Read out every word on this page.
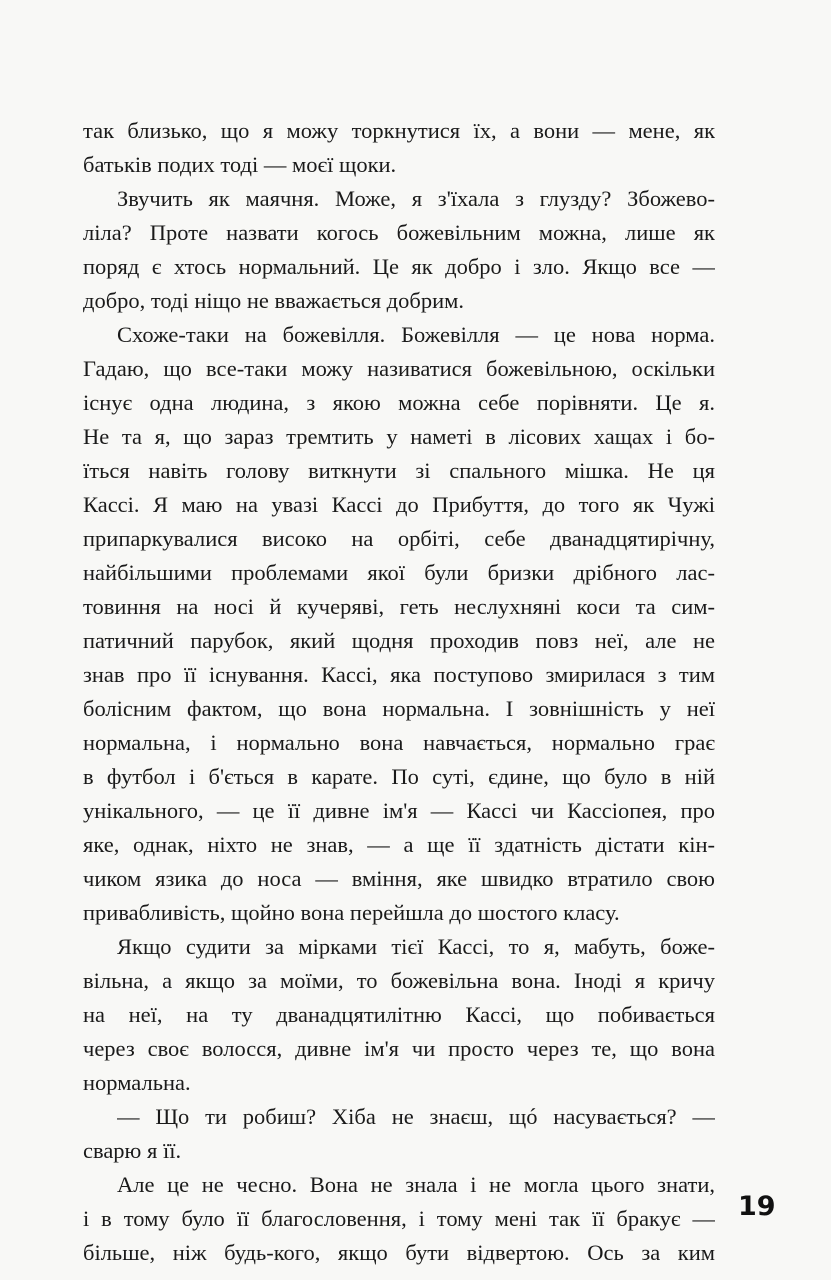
так близько, що я можу торкнутися їх, а вони — мене, як
батьків подих тоді — моєї щоки.
Звучить як маячня. Може, я з'їхала з глузду? Збожево-
ліла? Проте назвати когось божевільним можна, лише як
поряд є хтось нормальний. Це як добро і зло. Якщо все —
добро, тоді ніщо не вважається добрим.
Схоже-таки на божевілля. Божевілля — це нова норма.
Гадаю, що все-таки можу називатися божевільною, оскільки
існує одна людина, з якою можна себе порівняти. Це я.
Не та я, що зараз тремтить у наметі в лісових хащах і бо-
їться навіть голову виткнути зі спального мішка. Не ця
Кассі. Я маю на увазі Кассі до Прибуття, до того як Чужі
припаркувалися високо на орбіті, себе дванадцятирічну,
найбільшими проблемами якої були бризки дрібного лас-
товиння на носі й кучеряві, геть неслухняні коси та сим-
патичний парубок, який щодня проходив повз неї, але не
знав про її існування. Кассі, яка поступово змирилася з тим
болісним фактом, що вона нормальна. І зовнішність у неї
нормальна, і нормально вона навчається, нормально грає
в футбол і б'ється в карате. По суті, єдине, що було в ній
унікального, — це її дивне ім'я — Кассі чи Кассіопея, про
яке, однак, ніхто не знав, — а ще її здатність дістати кін-
чиком язика до носа — вміння, яке швидко втратило свою
привабливість, щойно вона перейшла до шостого класу.
Якщо судити за мірками тієї Кассі, то я, мабуть, боже-
вільна, а якщо за моїми, то божевільна вона. Іноді я кричу
на неї, на ту дванадцятилітню Кассі, що побивається
через своє волосся, дивне ім'я чи просто через те, що вона
нормальна.
— Що ти робиш? Хіба не знаєш, щó насувається? —
сварю я її.
Але це не чесно. Вона не знала і не могла цього знати,
і в тому було її благословення, і тому мені так її бракує —
більше, ніж будь-кого, якщо бути відвертою. Ось за ким
19
